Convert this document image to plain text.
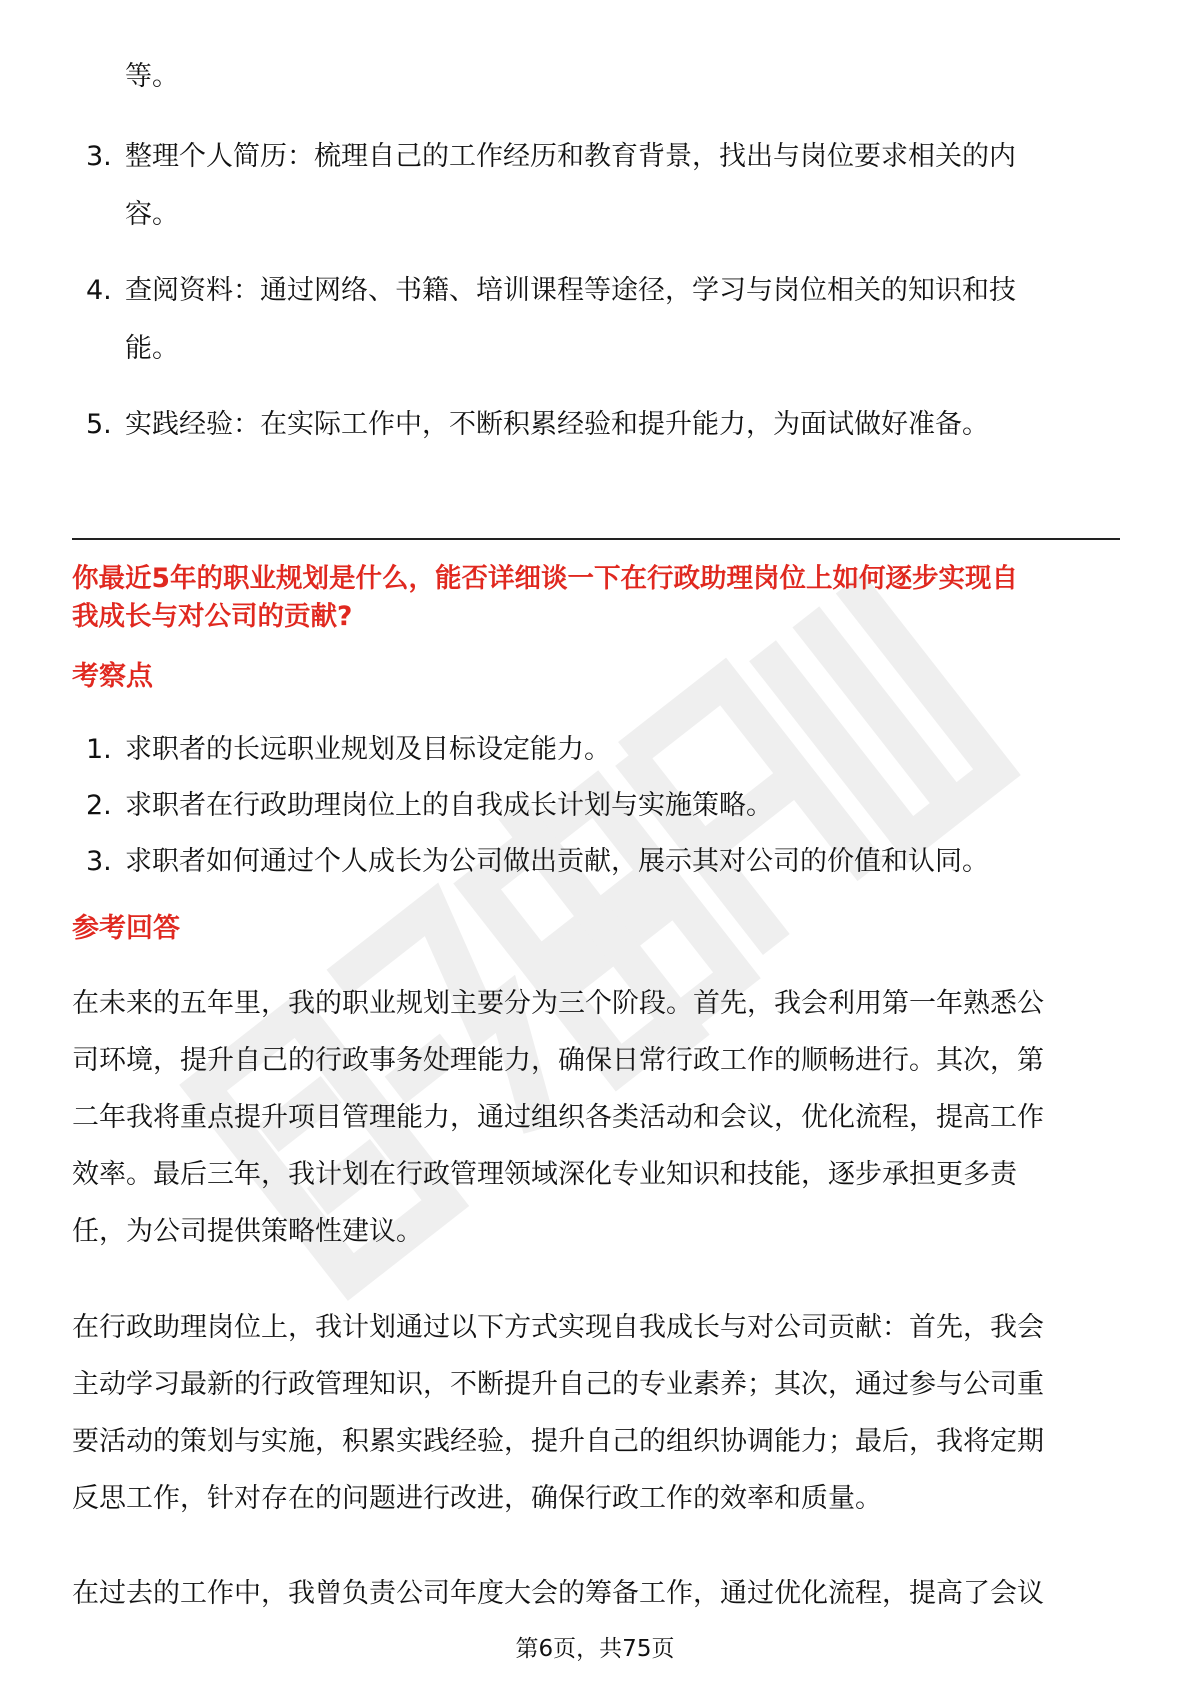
等。
3. 整理个人简历：梳理自己的工作经历和教育背景，找出与岗位要求相关的内
容。
4. 查阅资料：通过网络、书籍、培训课程等途径，学习与岗位相关的知识和技
能。
5. 实践经验：在实际工作中，不断积累经验和提升能力，为面试做好准备。
你最近5年的职业规划是什么，能否详细谈一下在行政助理岗位上如何逐步实现自
我成长与对公司的贡献?
考察点
1. 求职者的长远职业规划及目标设定能力。
2. 求职者在行政助理岗位上的自我成长计划与实施策略。
3. 求职者如何通过个人成长为公司做出贡献，展示其对公司的价值和认同。
参考回答
在未来的五年里，我的职业规划主要分为三个阶段。首先，我会利用第一年熟悉公
司环境，提升自己的行政事务处理能力，确保日常行政工作的顺畅进行。其次，第
二年我将重点提升项目管理能力，通过组织各类活动和会议，优化流程，提高工作
效率。最后三年，我计划在行政管理领域深化专业知识和技能，逐步承担更多责
任，为公司提供策略性建议。
在行政助理岗位上，我计划通过以下方式实现自我成长与对公司贡献：首先，我会
主动学习最新的行政管理知识，不断提升自己的专业素养；其次，通过参与公司重
要活动的策划与实施，积累实践经验，提升自己的组织协调能力；最后，我将定期
反思工作，针对存在的问题进行改进，确保行政工作的效率和质量。
在过去的工作中，我曾负责公司年度大会的筹备工作，通过优化流程，提高了会议
第6页，共75页
